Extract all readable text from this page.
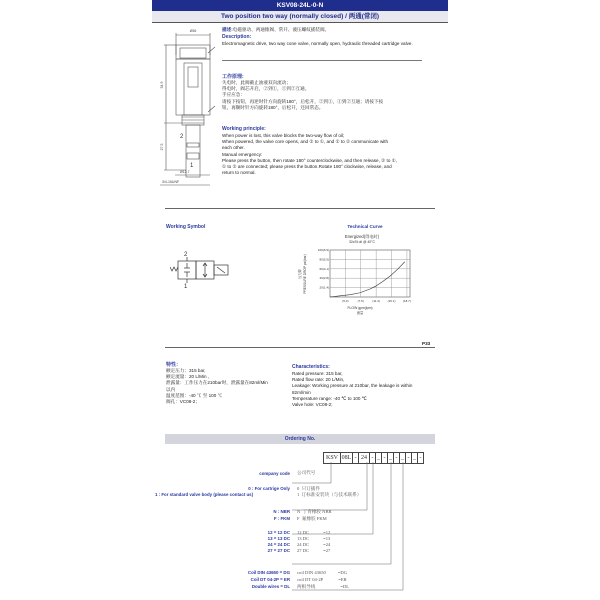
KSV08-24L-0-N
Two position two way (normally closed) / 两通(常闭)
Ø36
54.9
27.5
Ø12.7
3/4-16UNF
2
1
描述:电磁驱动、两通锥阀、常开、液压螺纹插装阀。
Description:
Electromagnetic drive, two way cone valve, normally open, hydraulic threaded cartridge valve.
工作原理:
失电时，此阀截止油液双向流动；
得电时，阀芯开启，②到①，①到②互通。
手应应急：
请按下按钮，再逆时针方向旋转180°，后松开，②到①，①到②互通；请按下按
钮，再顺时针方向旋转180°，后松开，还回常态。
Working principle:
When power is lost, this valve blocks the two-way flow of oil;
When powered, the valve core opens, and ② to ①, and ① to ② communicate with
each other.
Manual emergency:
Please press the button, then rotate 180° counterclockwise, and then release, ② to ①,
① to ② are connected; please press the button.Rotate 180° clockwise, release, and
return to normal.
Working Symbol
2
1
Technical Curve
Energized(得电时)
32cSt oil @ 40°C
FLOW gpm(lpm)
流量
PRESSURE DROP psi(bar)
压力降
100(6.9)
80(5.5)
60(4.1)
40(2.8)
20(1.4)
(5.0)	(7.5)	(11.4)	(15.1)	(18.7)
P33
特性：
额定压力：315 bar,
额定流量：20 L/Min ,
泄露量：工作压力在210bar时，泄露量在82ml/Min
以内
温度范围：-40 ℃ 至 100 ℃
阀孔：VC08-2；
Characteristics:
Rated pressure: 315 bar,
Rated flow rate: 20 L/Min,
Leakage: Working pressure at 210bar, the leakage is within
82ml/min
Temperature range: -40 ℃ to 100 ℃
Valve hole: VC08-2;
Ordering No.
KSV 08L - 24 - _ - _ - _ - _ -
company code 公司代号
0 : For cartrige Only
1 : For standard valve body (please contact us)
0 只订插件
1 订标准安装块（与技术联系）
N : NBR
F : FKM
N 丁青橡胶 NBR
F 氟橡胶 FKM
12 = 12 DC
13 = 13 DC
24 = 24 DC
27 = 27 DC
12 DC	=12
13 DC	=13
24 DC	=24
27 DC	=27
Coil DIN 43650 = DG
Coil DT 04-2P = ER
Double wires = DL
coil DIN 43650	=DG
coil DT 04-2P	=ER
两根导线	=DL
